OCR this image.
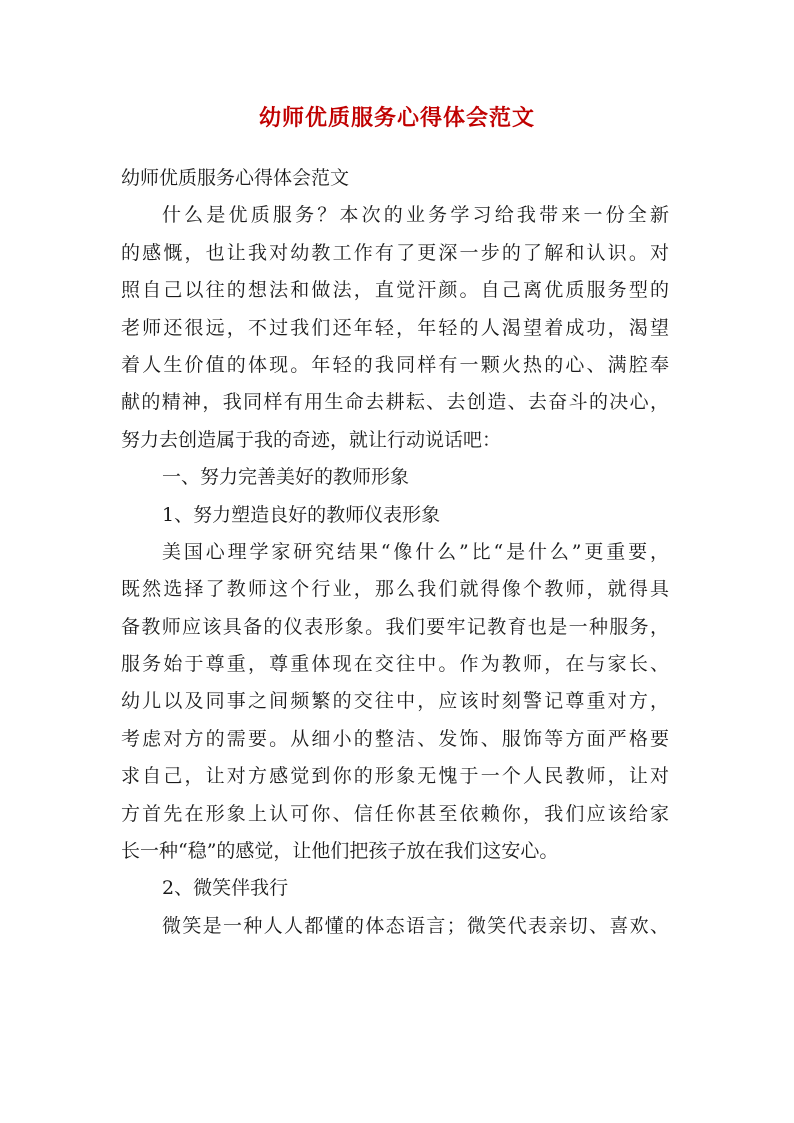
幼师优质服务心得体会范文
幼师优质服务心得体会范文
什么是优质服务？本次的业务学习给我带来一份全新
的感慨，也让我对幼教工作有了更深一步的了解和认识。对
照自己以往的想法和做法，直觉汗颜。自己离优质服务型的
老师还很远，不过我们还年轻，年轻的人渴望着成功，渴望
着人生价值的体现。年轻的我同样有一颗火热的心、满腔奉
献的精神，我同样有用生命去耕耘、去创造、去奋斗的决心，
努力去创造属于我的奇迹，就让行动说话吧：
一、努力完善美好的教师形象
1、努力塑造良好的教师仪表形象
美国心理学家研究结果“像什么”比“是什么”更重要，
既然选择了教师这个行业，那么我们就得像个教师，就得具
备教师应该具备的仪表形象。我们要牢记教育也是一种服务，
服务始于尊重，尊重体现在交往中。作为教师，在与家长、
幼儿以及同事之间频繁的交往中，应该时刻警记尊重对方，
考虑对方的需要。从细小的整洁、发饰、服饰等方面严格要
求自己，让对方感觉到你的形象无愧于一个人民教师，让对
方首先在形象上认可你、信任你甚至依赖你，我们应该给家
长一种“稳”的感觉，让他们把孩子放在我们这安心。
2、微笑伴我行
微笑是一种人人都懂的体态语言；微笑代表亲切、喜欢、
